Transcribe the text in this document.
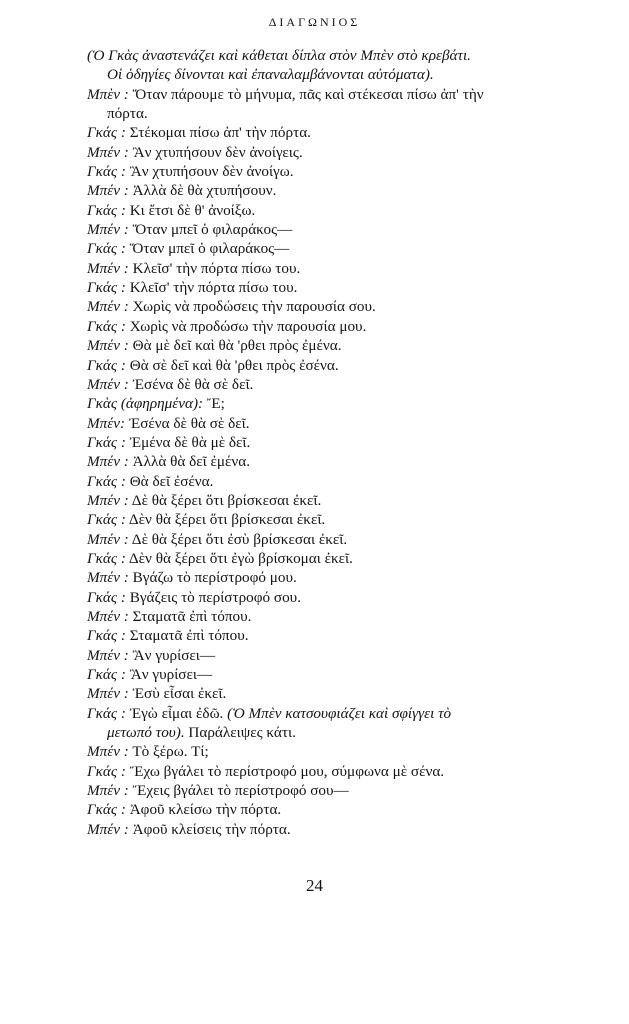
ΔΙΑΓΩΝΙΟΣ
(Ὁ Γκὰς ἀναστενάζει καὶ κάθεται δίπλα στὸν Μπὲν στὸ κρεβάτι.
Οἱ ὁδηγίες δίνονται καὶ ἐπαναλαμβάνονται αὐτόματα).
Μπὲν : Ὅταν πάρουμε τὸ μήνυμα, πᾶς καὶ στέκεσαι πίσω ἀπ' τὴν
πόρτα.
Γκάς : Στέκομαι πίσω ἀπ' τὴν πόρτα.
Μπέν : Ἂν χτυπήσουν δὲν ἀνοίγεις.
Γκάς : Ἂν χτυπήσουν δὲν ἀνοίγω.
Μπέν : Ἀλλὰ δὲ θὰ χτυπήσουν.
Γκάς : Κι ἔτσι δὲ θ' ἀνοίξω.
Μπέν : Ὅταν μπεῖ ὁ φιλαράκος—
Γκάς : Ὅταν μπεῖ ὁ φιλαράκος—
Μπέν : Κλεῖσ' τὴν πόρτα πίσω του.
Γκάς : Κλεῖσ' τὴν πόρτα πίσω του.
Μπέν : Χωρὶς νὰ προδώσεις τὴν παρουσία σου.
Γκάς : Χωρὶς νὰ προδώσω τὴν παρουσία μου.
Μπέν : Θὰ μὲ δεῖ καὶ θὰ 'ρθει πρὸς ἐμένα.
Γκάς : Θὰ σὲ δεῖ καὶ θὰ 'ρθει πρὸς ἐσένα.
Μπέν : Ἐσένα δὲ θὰ σὲ δεῖ.
Γκὰς (ἀφηρημένα): Ἔ;
Μπέν: Ἐσένα δὲ θὰ σὲ δεῖ.
Γκάς : Ἐμένα δὲ θὰ μὲ δεῖ.
Μπέν : Ἀλλὰ θὰ δεῖ ἐμένα.
Γκάς : Θὰ δεῖ ἐσένα.
Μπέν : Δὲ θὰ ξέρει ὅτι βρίσκεσαι ἐκεῖ.
Γκάς : Δὲν θὰ ξέρει ὅτι βρίσκεσαι ἐκεῖ.
Μπέν : Δὲ θὰ ξέρει ὅτι ἐσὺ βρίσκεσαι ἐκεῖ.
Γκάς : Δὲν θὰ ξέρει ὅτι ἐγὼ βρίσκομαι ἐκεῖ.
Μπέν : Βγάζω τὸ περίστροφό μου.
Γκάς : Βγάζεις τὸ περίστροφό σου.
Μπέν : Σταματᾶ ἐπὶ τόπου.
Γκάς : Σταματᾶ ἐπὶ τόπου.
Μπέν : Ἂν γυρίσει—
Γκάς : Ἂν γυρίσει—
Μπέν : Ἐσὺ εἶσαι ἐκεῖ.
Γκάς : Ἐγὼ εἶμαι ἐδῶ. (Ὁ Μπὲν κατσουφιάζει καὶ σφίγγει τὸ
μετωπό του). Παράλειψες κάτι.
Μπέν : Τὸ ξέρω. Τί;
Γκάς : Ἔχω βγάλει τὸ περίστροφό μου, σύμφωνα μὲ σένα.
Μπέν : Ἔχεις βγάλει τὸ περίστροφό σου—
Γκάς : Ἀφοῦ κλείσω τὴν πόρτα.
Μπέν : Ἀφοῦ κλείσεις τὴν πόρτα.
24
